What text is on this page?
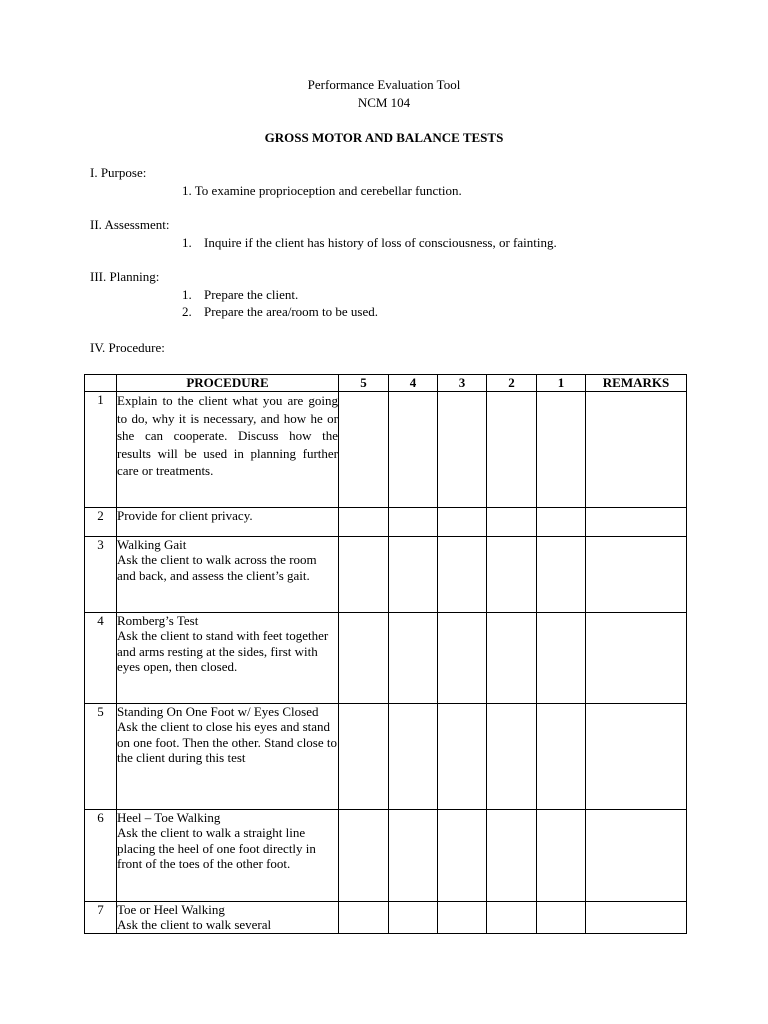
Performance Evaluation Tool
NCM 104
GROSS MOTOR AND BALANCE TESTS
I. Purpose:
1. To examine proprioception and cerebellar function.
II. Assessment:
1. Inquire if the client has history of loss of consciousness, or fainting.
III. Planning:
1. Prepare the client.
2. Prepare the area/room to be used.
IV. Procedure:
	PROCEDURE	5	4	3	2	1	REMARKS
1	Explain to the client what you are going to do, why it is necessary, and how he or she can cooperate. Discuss how the results will be used in planning further care or treatments.						
2	Provide for client privacy.						
3	Walking Gait
Ask the client to walk across the room and back, and assess the client’s gait.						

4	Romberg’s Test
Ask the client to stand with feet together and arms resting at the sides, first with eyes open, then closed.						

5	Standing On One Foot w/ Eyes Closed
Ask the client to close his eyes and stand on one foot. Then the other. Stand close to the client during this test						

6	Heel – Toe Walking
Ask the client to walk a straight line placing the heel of one foot directly in front of the toes of the other foot.						

7	Toe or Heel Walking
Ask the client to walk several						
